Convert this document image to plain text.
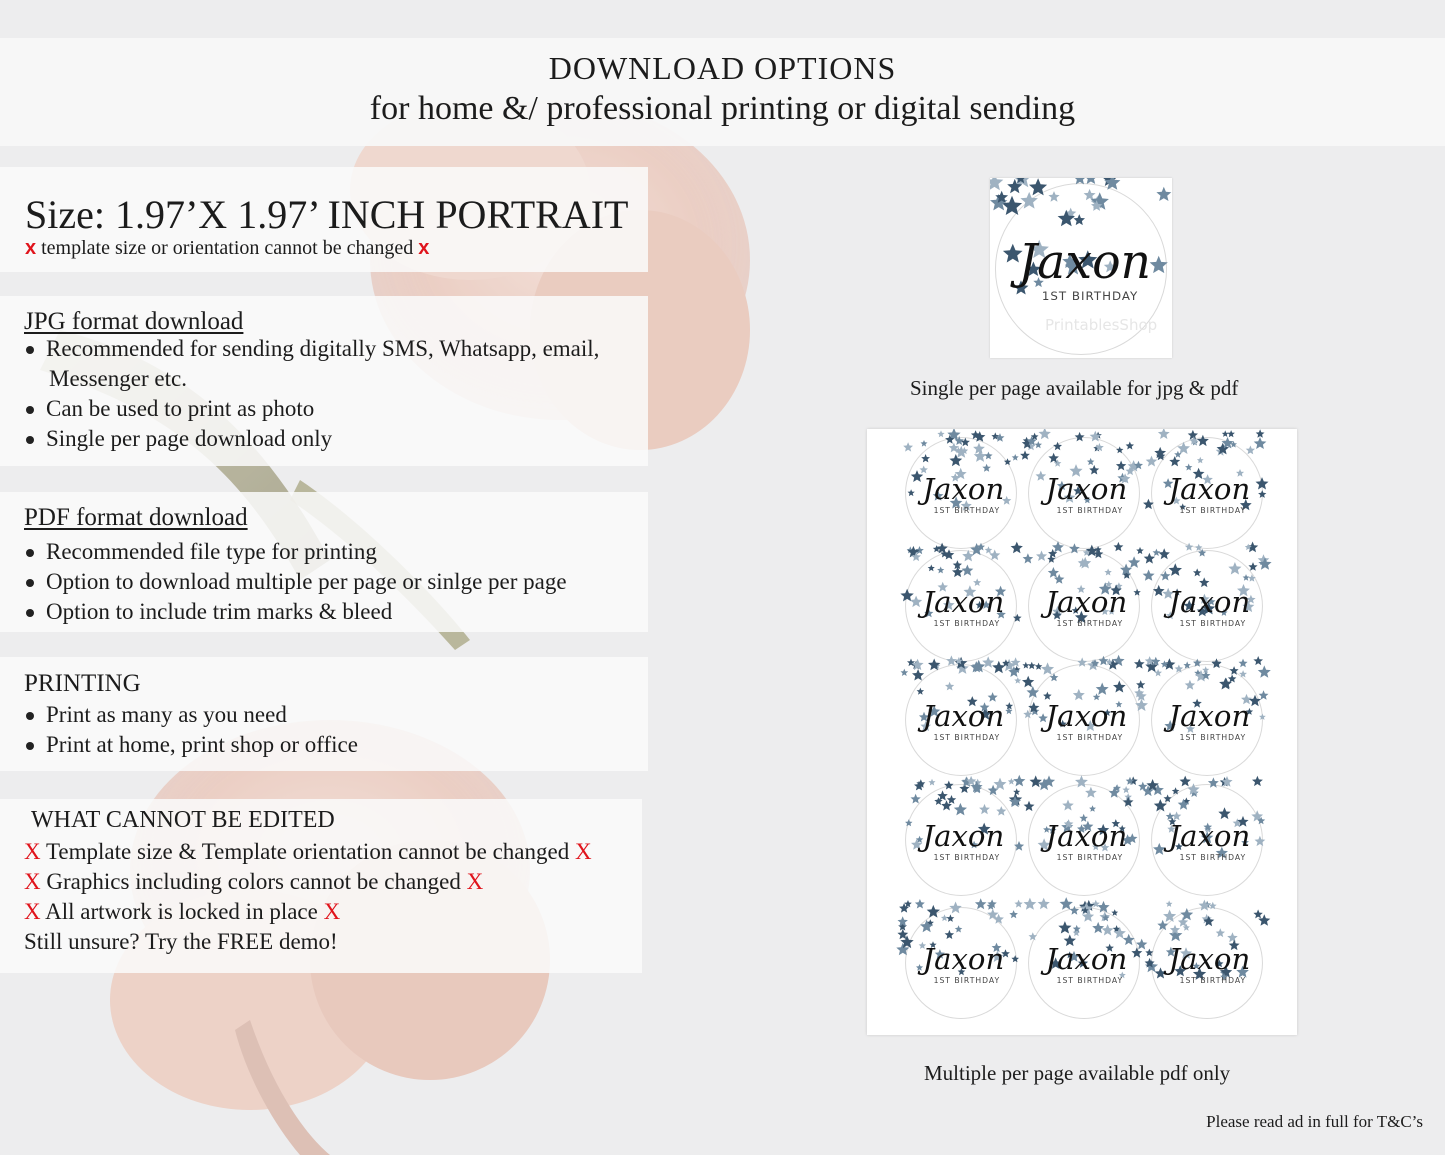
DOWNLOAD OPTIONS
for home &/ professional printing or digital sending
Size: 1.97’X 1.97’ INCH PORTRAIT
x template size or orientation cannot be changed x
JPG format download
Recommended for sending digitally SMS, Whatsapp, email,
Messenger etc.
Can be used to print as photo
Single per page download only
PDF format download
Recommended file type for printing
Option to download multiple per page or sinlge per page
Option to include trim marks & bleed
PRINTING
Print as many as you need
Print at home, print shop or office
WHAT CANNOT BE EDITED
X Template size & Template orientation cannot be changed X
X Graphics including colors cannot be changed X
X All artwork is locked in place X
Still unsure? Try the FREE demo!
Jaxon
1ST BIRTHDAY
PrintablesShop
Single per page available for jpg & pdf
Jaxon
1ST BIRTHDAY
Jaxon
1ST BIRTHDAY
Jaxon
1ST BIRTHDAY
Jaxon
1ST BIRTHDAY
Jaxon
1ST BIRTHDAY
Jaxon
1ST BIRTHDAY
Jaxon
1ST BIRTHDAY
Jaxon
1ST BIRTHDAY
Jaxon
1ST BIRTHDAY
Jaxon
1ST BIRTHDAY
Jaxon
1ST BIRTHDAY
Jaxon
1ST BIRTHDAY
Jaxon
1ST BIRTHDAY
Jaxon
1ST BIRTHDAY
Jaxon
1ST BIRTHDAY
Multiple per page available pdf only
Please read ad in full for T&C’s
